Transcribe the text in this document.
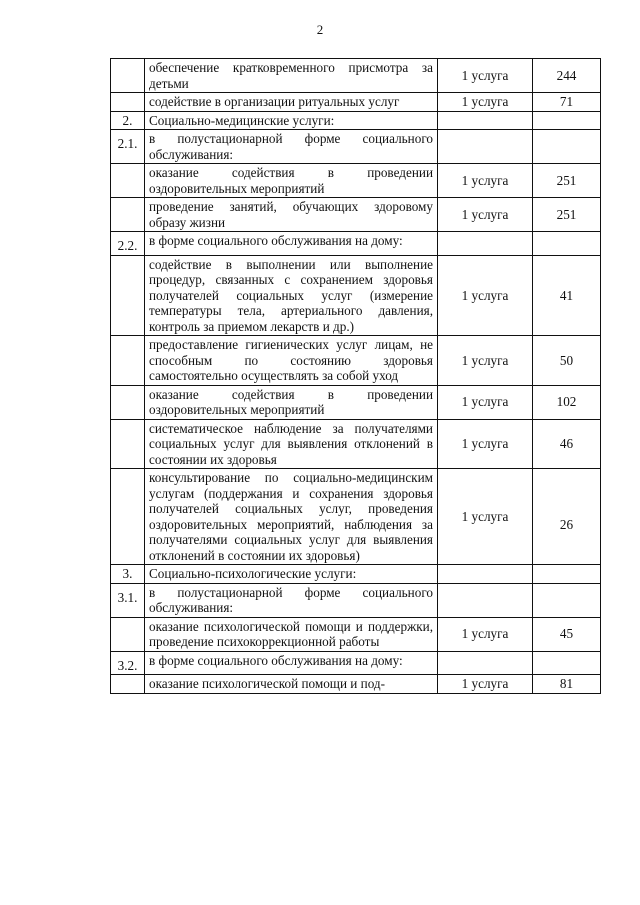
2
	обеспечение кратковременного присмотра за детьми	1 услуга	244
	содействие в организации ритуальных услуг	1 услуга	71
2.	Социально-медицинские услуги:		
2.1.	в полустационарной форме социального обслуживания:		
	оказание содействия в проведении оздоровительных мероприятий	1 услуга	251
	проведение занятий, обучающих здоровому образу жизни	1 услуга	251
2.2.	в форме социального обслуживания на дому:		
	содействие в выполнении или выполнение процедур, связанных с сохранением здоровья получателей социальных услуг (измерение температуры тела, артериального давления, контроль за приемом лекарств и др.)	1 услуга	41
	предоставление гигиенических услуг лицам, не способным по состоянию здоровья самостоятельно осуществлять за собой уход	1 услуга	50
	оказание содействия в проведении оздоровительных мероприятий	1 услуга	102
	систематическое наблюдение за получателями социальных услуг для выявления отклонений в состоянии их здоровья	1 услуга	46
	консультирование по социально-медицинским услугам (поддержания и сохранения здоровья получателей социальных услуг, проведения оздоровительных мероприятий, наблюдения за получателями социальных услуг для выявления отклонений в состоянии их здоровья)	1 услуга	26
3.	Социально-психологические услуги:		
3.1.	в полустационарной форме социального обслуживания:		
	оказание психологической помощи и поддержки, проведение психокоррекционной работы	1 услуга	45
3.2.	в форме социального обслуживания на дому:		
	оказание психологической помощи и под-	1 услуга	81
